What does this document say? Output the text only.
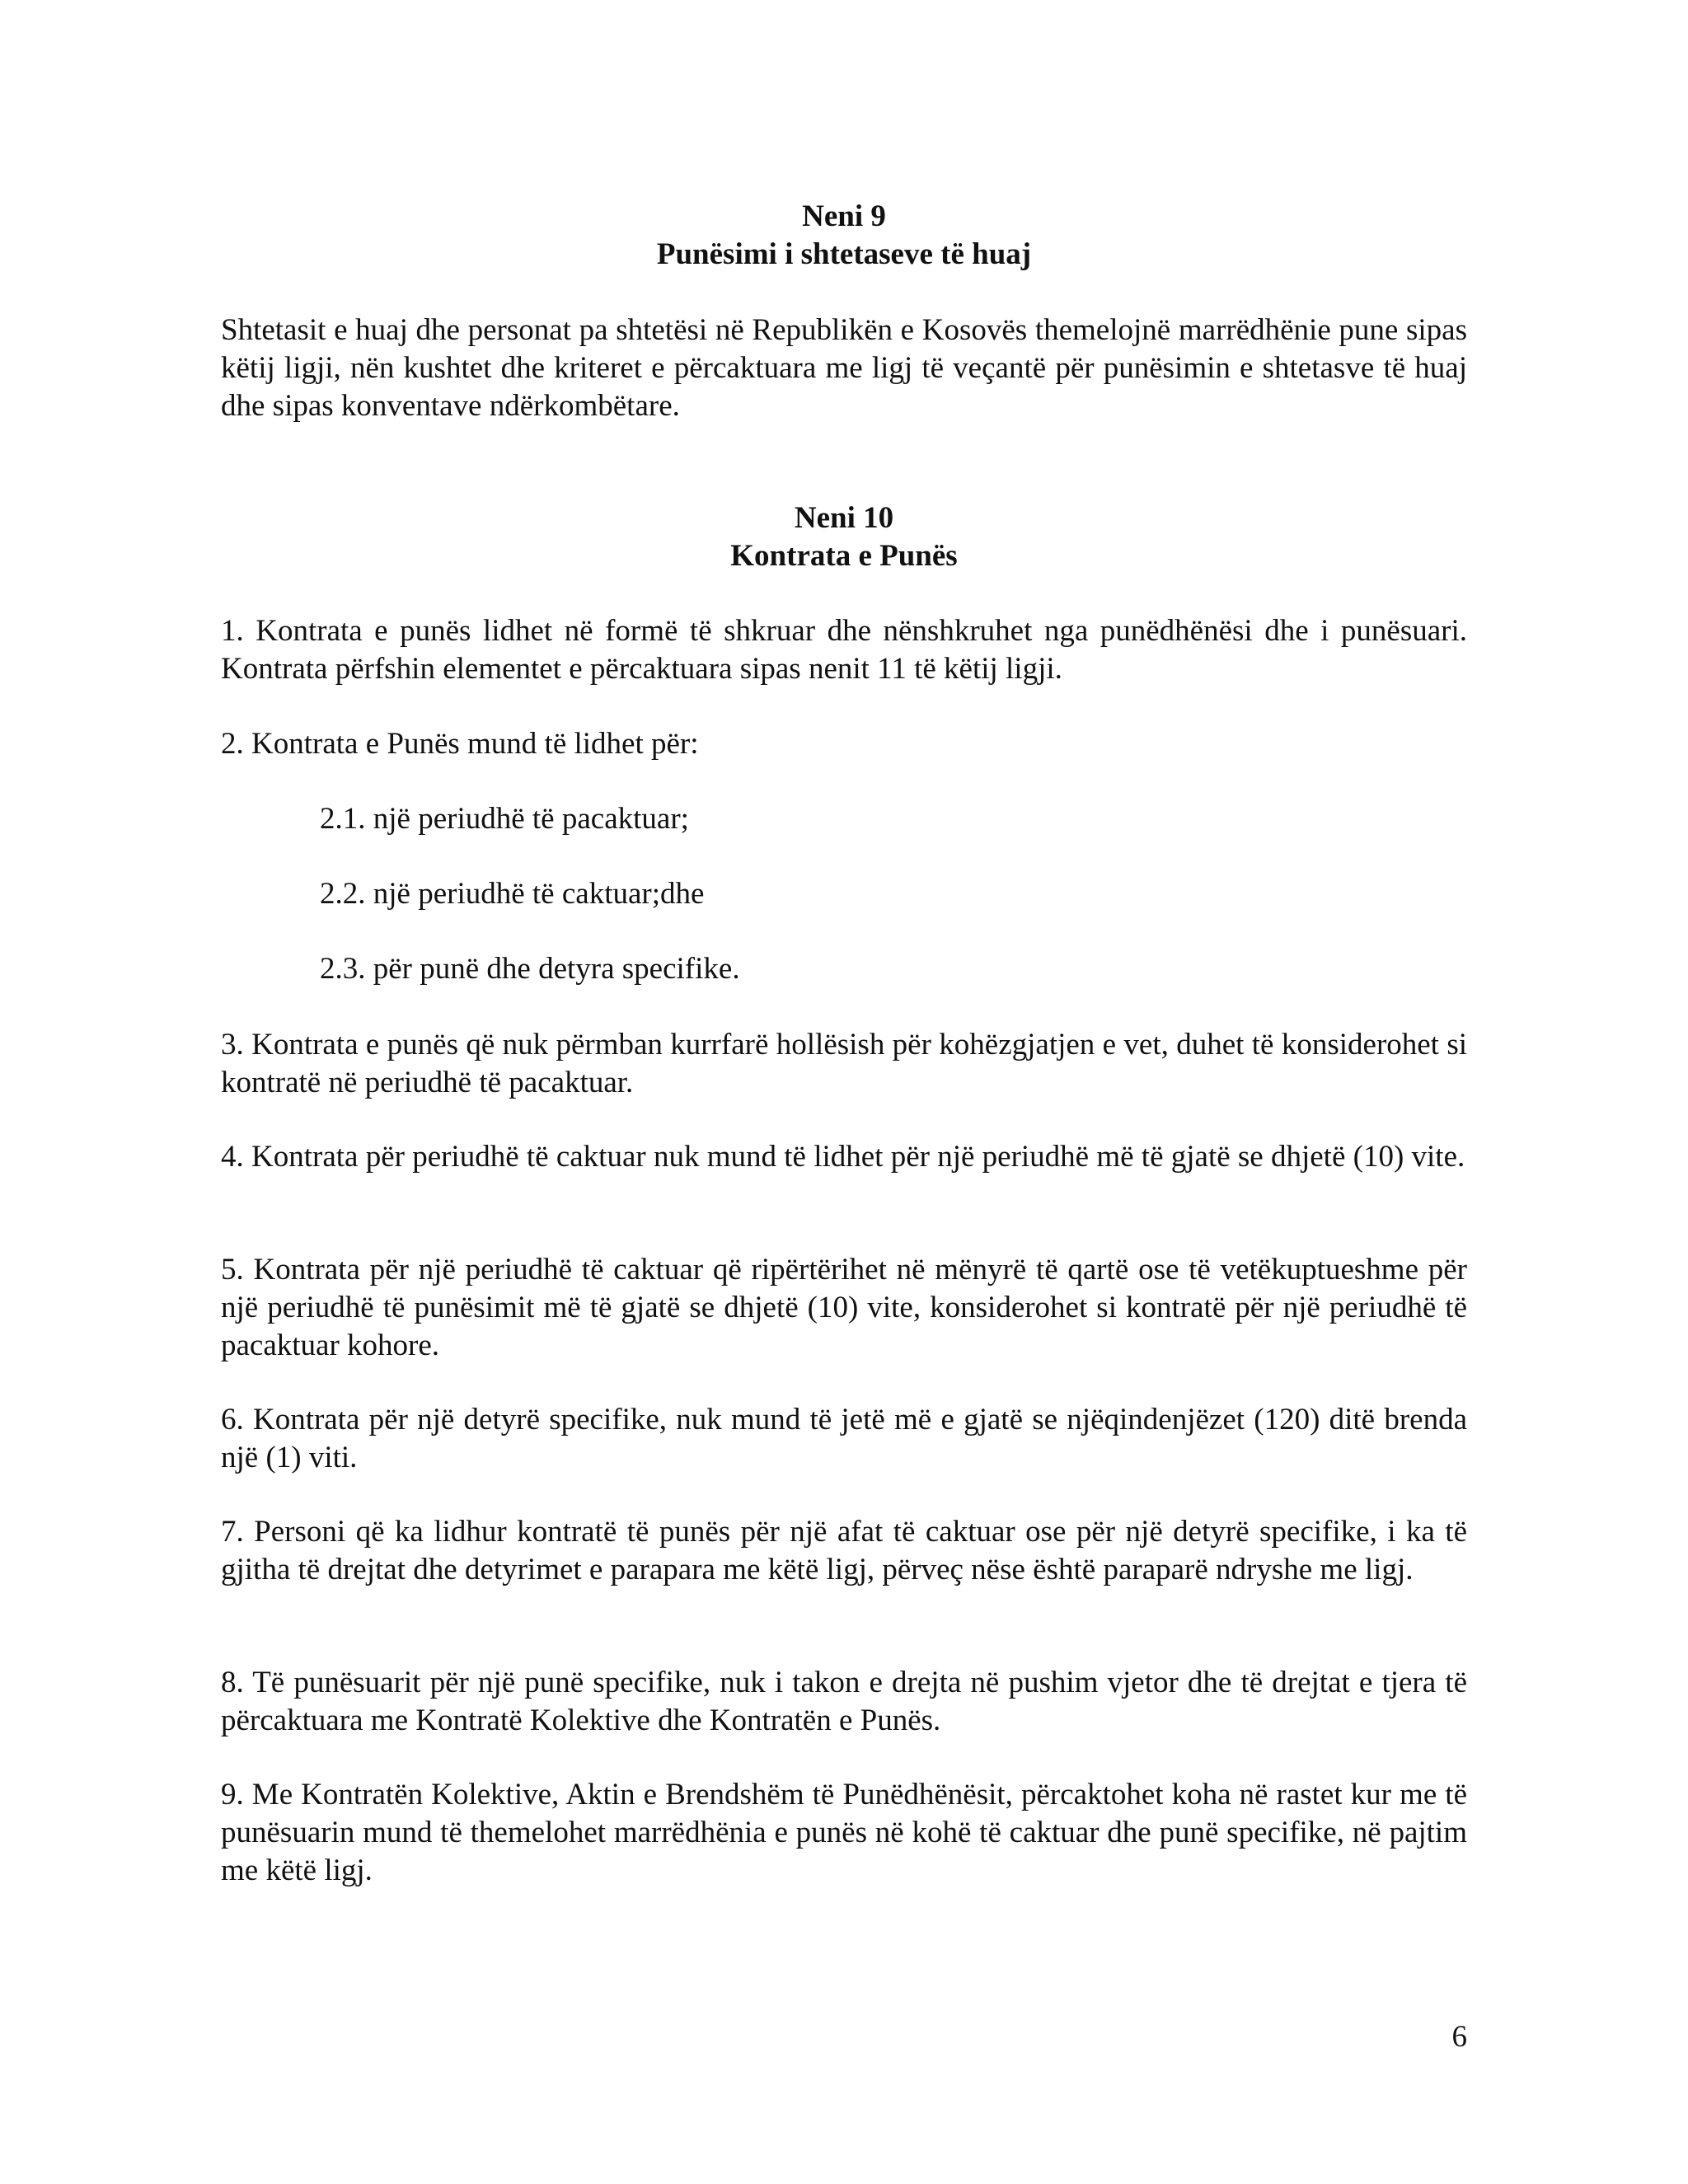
Neni 9

Punësimi i shtetaseve të huaj

Shtetasit e huaj dhe personat pa shtetësi në Republikën e Kosovës themelojnë marrëdhënie pune sipas këtij ligji, nën kushtet dhe kriteret e përcaktuara me ligj të veçantë për punësimin e shtetasve të huaj dhe sipas konventave ndërkombëtare.

Neni 10

Kontrata e Punës

1. Kontrata e punës lidhet në formë të shkruar dhe nënshkruhet nga punëdhënësi dhe i punësuari. Kontrata përfshin elementet e përcaktuara sipas nenit 11 të këtij ligji.

2. Kontrata e Punës mund të lidhet për:

2.1. një periudhë të pacaktuar;

2.2. një periudhë të caktuar;dhe

2.3. për punë dhe detyra specifike.

3. Kontrata e punës që nuk përmban kurrfarë hollësish për kohëzgjatjen e vet, duhet të konsiderohet si kontratë në periudhë të pacaktuar.

4. Kontrata për periudhë të caktuar nuk mund të lidhet për një periudhë më të gjatë se dhjetë (10) vite.

5. Kontrata për një periudhë të caktuar që ripërtërihet në mënyrë të qartë ose të vetëkuptueshme për një periudhë të punësimit më të gjatë se dhjetë (10) vite, konsiderohet si kontratë për një periudhë të pacaktuar kohore.

6. Kontrata për një detyrë specifike, nuk mund të jetë më e gjatë se njëqindenjëzet (120) ditë brenda një (1) viti.

7. Personi që ka lidhur kontratë të punës për një afat të caktuar ose për një detyrë specifike, i ka të gjitha të drejtat dhe detyrimet e parapara me këtë ligj, përveç nëse është paraparë ndryshe me ligj.

8. Të punësuarit për një punë specifike, nuk i takon e drejta në pushim vjetor dhe të drejtat e tjera të përcaktuara me Kontratë Kolektive dhe Kontratën e Punës.

9. Me Kontratën Kolektive, Aktin e Brendshëm të Punëdhënësit, përcaktohet koha në rastet kur me të punësuarin mund të themelohet marrëdhënia e punës në kohë të caktuar dhe punë specifike, në pajtim me këtë ligj.

6
